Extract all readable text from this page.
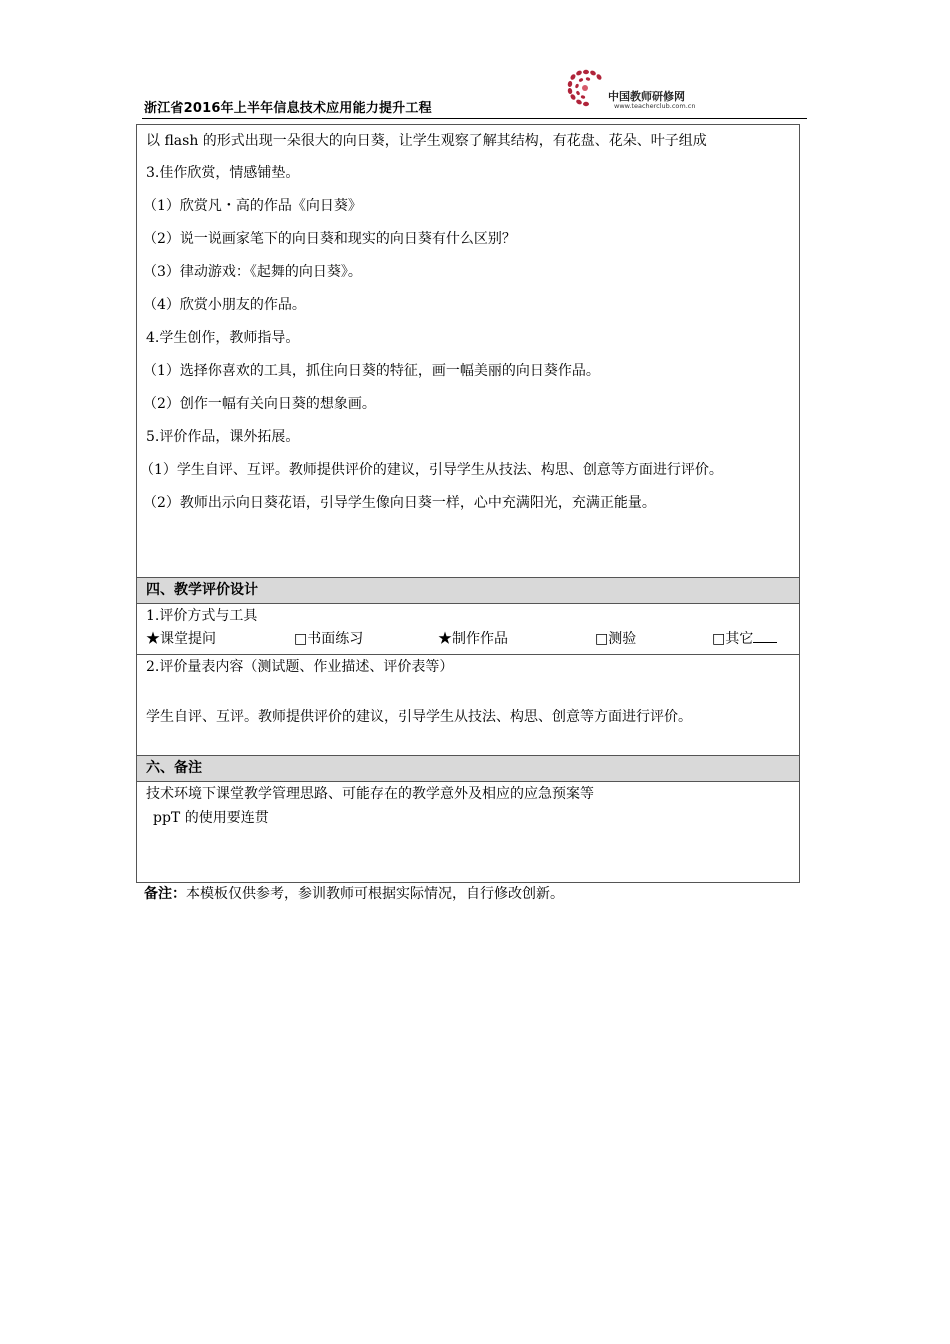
中国教师研修网
www.teacherclub.com.cn
浙江省2016年上半年信息技术应用能力提升工程
以 flash 的形式出现一朵很大的向日葵，让学生观察了解其结构，有花盘、花朵、叶子组成
3.佳作欣赏，情感铺垫。
（1）欣赏凡・高的作品《向日葵》
（2）说一说画家笔下的向日葵和现实的向日葵有什么区别？
（3）律动游戏：《起舞的向日葵》。
（4）欣赏小朋友的作品。
4.学生创作，教师指导。
（1）选择你喜欢的工具，抓住向日葵的特征，画一幅美丽的向日葵作品。
（2）创作一幅有关向日葵的想象画。
5.评价作品，课外拓展。
（1）学生自评、互评。教师提供评价的建议，引导学生从技法、构思、创意等方面进行评价。
（2）教师出示向日葵花语，引导学生像向日葵一样，心中充满阳光，充满正能量。
四、教学评价设计
1.评价方式与工具
★课堂提问	□书面练习	★制作作品	□测验	□其它
2.评价量表内容（测试题、作业描述、评价表等）
学生自评、互评。教师提供评价的建议，引导学生从技法、构思、创意等方面进行评价。
六、备注
技术环境下课堂教学管理思路、可能存在的教学意外及相应的应急预案等
ppT 的使用要连贯
备注：本模板仅供参考，参训教师可根据实际情况，自行修改创新。
